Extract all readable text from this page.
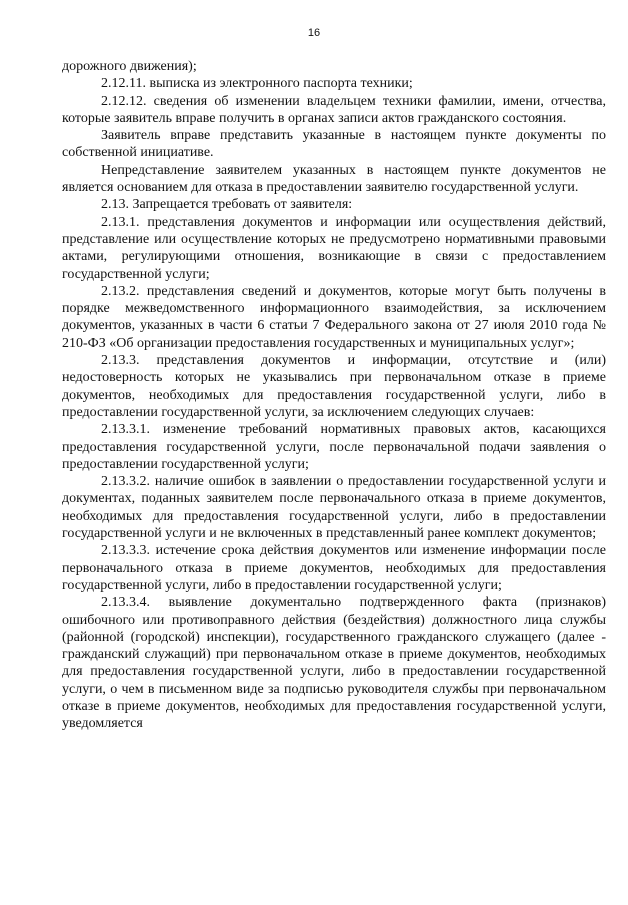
16

дорожного движения);

2.12.11. выписка из электронного паспорта техники;

2.12.12. сведения об изменении владельцем техники фамилии, имени, отчества, которые заявитель вправе получить в органах записи актов гражданского состояния.

Заявитель вправе представить указанные в настоящем пункте документы по собственной инициативе.

Непредставление заявителем указанных в настоящем пункте документов не является основанием для отказа в предоставлении заявителю государственной услуги.

2.13. Запрещается требовать от заявителя:

2.13.1. представления документов и информации или осуществления действий, представление или осуществление которых не предусмотрено нормативными правовыми актами, регулирующими отношения, возникающие в связи с предоставлением государственной услуги;

2.13.2. представления сведений и документов, которые могут быть получены в порядке межведомственного информационного взаимодействия, за исключением документов, указанных в части 6 статьи 7 Федерального закона от 27 июля 2010 года № 210-ФЗ «Об организации предоставления государственных и муниципальных услуг»;

2.13.3. представления документов и информации, отсутствие и (или) недостоверность которых не указывались при первоначальном отказе в приеме документов, необходимых для предоставления государственной услуги, либо в предоставлении государственной услуги, за исключением следующих случаев:

2.13.3.1. изменение требований нормативных правовых актов, касающихся предоставления государственной услуги, после первоначальной подачи заявления о предоставлении государственной услуги;

2.13.3.2. наличие ошибок в заявлении о предоставлении государственной услуги и документах, поданных заявителем после первоначального отказа в приеме документов, необходимых для предоставления государственной услуги, либо в предоставлении государственной услуги и не включенных в представленный ранее комплект документов;

2.13.3.3. истечение срока действия документов или изменение информации после первоначального отказа в приеме документов, необходимых для предоставления государственной услуги, либо в предоставлении государственной услуги;

2.13.3.4. выявление документально подтвержденного факта (признаков) ошибочного или противоправного действия (бездействия) должностного лица службы (районной (городской) инспекции), государственного гражданского служащего (далее - гражданский служащий) при первоначальном отказе в приеме документов, необходимых для предоставления государственной услуги, либо в предоставлении государственной услуги, о чем в письменном виде за подписью руководителя службы при первоначальном отказе в приеме документов, необходимых для предоставления государственной услуги, уведомляется
